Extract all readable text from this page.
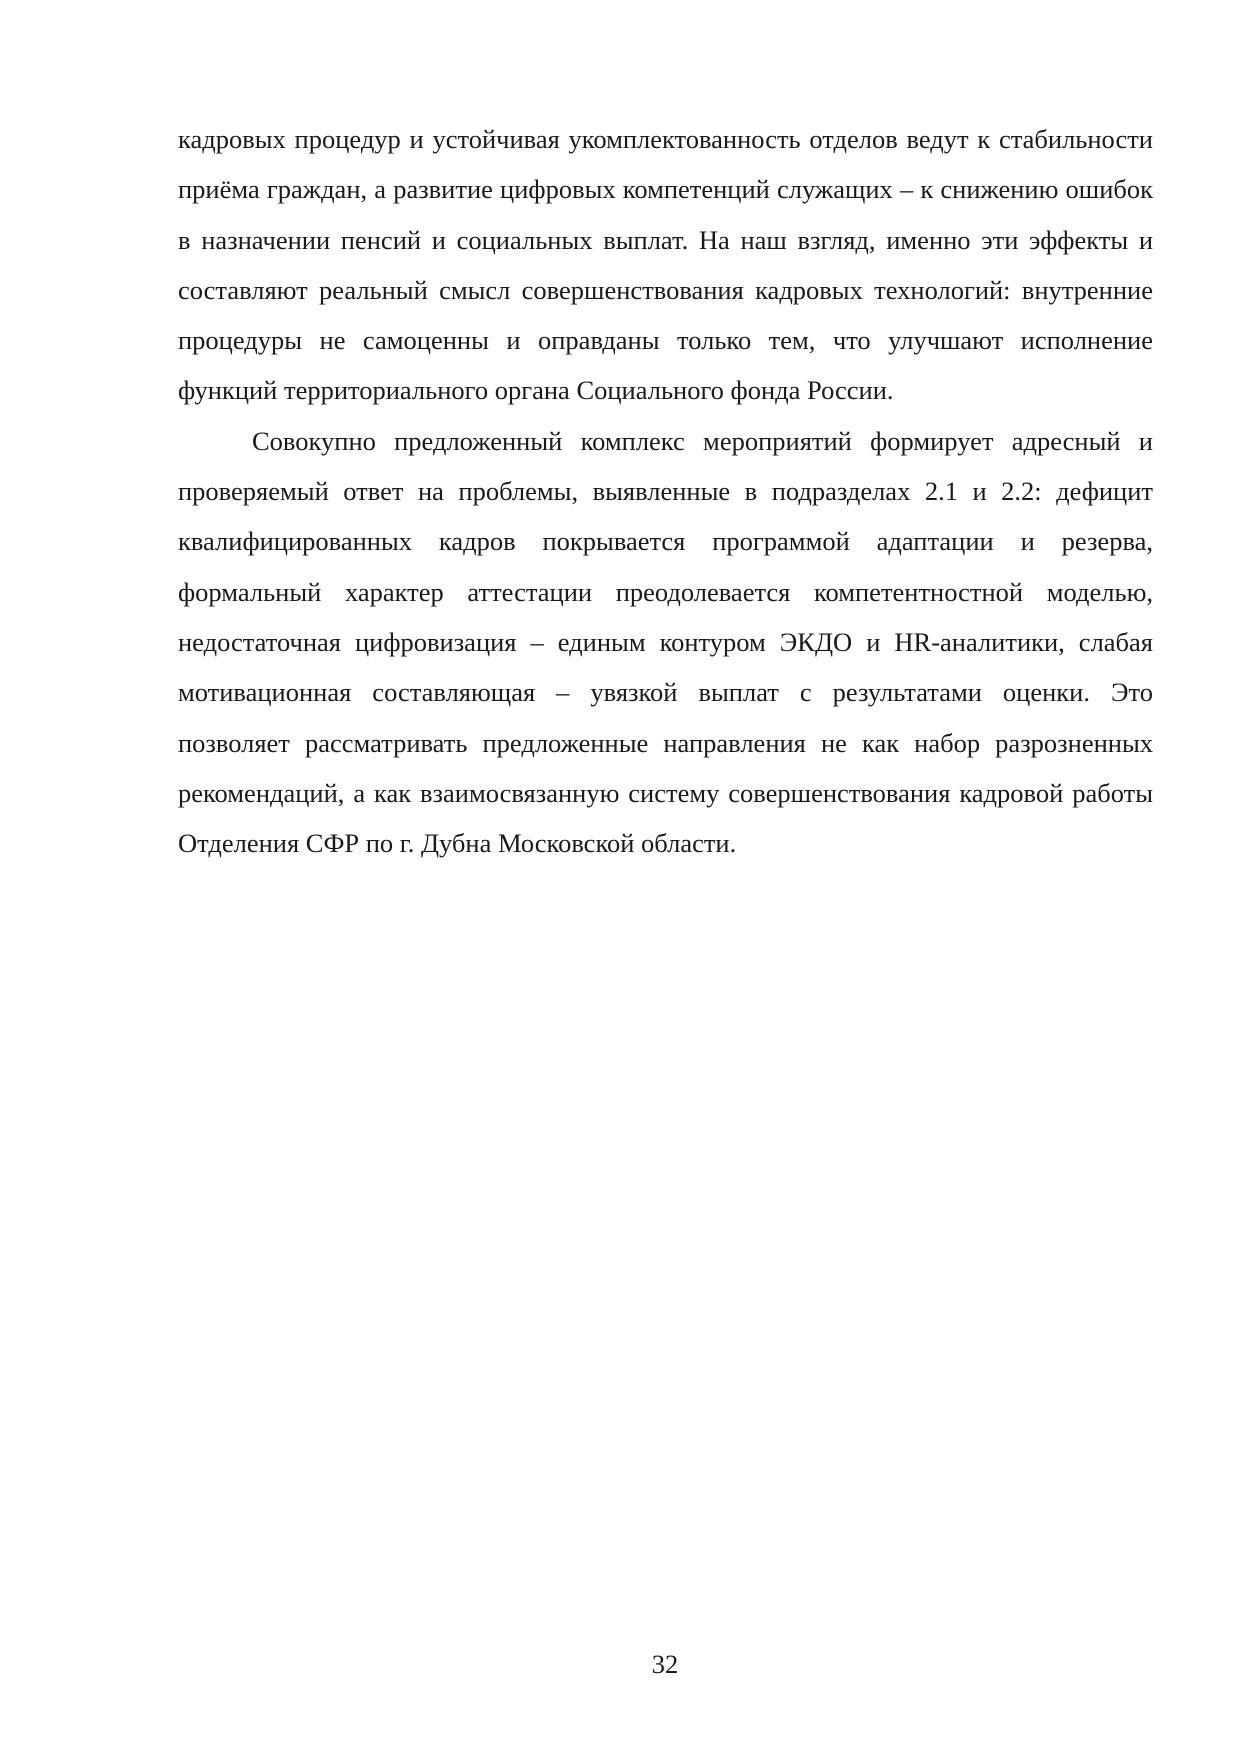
кадровых процедур и устойчивая укомплектованность отделов ведут к стабильности приёма граждан, а развитие цифровых компетенций служащих – к снижению ошибок в назначении пенсий и социальных выплат. На наш взгляд, именно эти эффекты и составляют реальный смысл совершенствования кадровых технологий: внутренние процедуры не самоценны и оправданы только тем, что улучшают исполнение функций территориального органа Социального фонда России.

Совокупно предложенный комплекс мероприятий формирует адресный и проверяемый ответ на проблемы, выявленные в подразделах 2.1 и 2.2: дефицит квалифицированных кадров покрывается программой адаптации и резерва, формальный характер аттестации преодолевается компетентностной моделью, недостаточная цифровизация – единым контуром ЭКДО и HR-аналитики, слабая мотивационная составляющая – увязкой выплат с результатами оценки. Это позволяет рассматривать предложенные направления не как набор разрозненных рекомендаций, а как взаимосвязанную систему совершенствования кадровой работы Отделения СФР по г. Дубна Московской области.

32
